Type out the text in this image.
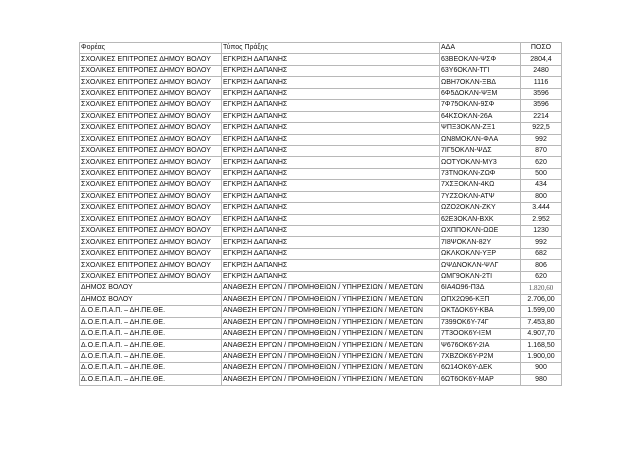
Φορέας	Τύπος Πράξης	ΑΔΑ	ΠΟΣΟ
ΣΧΟΛΙΚΕΣ ΕΠΙΤΡΟΠΕΣ ΔΗΜΟΥ ΒΟΛΟΥ	ΕΓΚΡΙΣΗ ΔΑΠΑΝΗΣ	63ΒΕΟΚΛΝ-ΨΣΦ	2804,4
ΣΧΟΛΙΚΕΣ ΕΠΙΤΡΟΠΕΣ ΔΗΜΟΥ ΒΟΛΟΥ	ΕΓΚΡΙΣΗ ΔΑΠΑΝΗΣ	63Υ6ΟΚΛΝ-ΤΓΙ	2480
ΣΧΟΛΙΚΕΣ ΕΠΙΤΡΟΠΕΣ ΔΗΜΟΥ ΒΟΛΟΥ	ΕΓΚΡΙΣΗ ΔΑΠΑΝΗΣ	ΩΒΗ7ΟΚΛΝ-ΞΒΔ	1116
ΣΧΟΛΙΚΕΣ ΕΠΙΤΡΟΠΕΣ ΔΗΜΟΥ ΒΟΛΟΥ	ΕΓΚΡΙΣΗ ΔΑΠΑΝΗΣ	6Φ5ΔΟΚΛΝ-ΨΞΜ	3596
ΣΧΟΛΙΚΕΣ ΕΠΙΤΡΟΠΕΣ ΔΗΜΟΥ ΒΟΛΟΥ	ΕΓΚΡΙΣΗ ΔΑΠΑΝΗΣ	7Φ75ΟΚΛΝ-9ΣΦ	3596
ΣΧΟΛΙΚΕΣ ΕΠΙΤΡΟΠΕΣ ΔΗΜΟΥ ΒΟΛΟΥ	ΕΓΚΡΙΣΗ ΔΑΠΑΝΗΣ	64ΚΣΟΚΛΝ-26Α	2214
ΣΧΟΛΙΚΕΣ ΕΠΙΤΡΟΠΕΣ ΔΗΜΟΥ ΒΟΛΟΥ	ΕΓΚΡΙΣΗ ΔΑΠΑΝΗΣ	ΨΠΞ3ΟΚΛΝ-ΖΞ1	922,5
ΣΧΟΛΙΚΕΣ ΕΠΙΤΡΟΠΕΣ ΔΗΜΟΥ ΒΟΛΟΥ	ΕΓΚΡΙΣΗ ΔΑΠΑΝΗΣ	ΩΝ8ΜΟΚΛΝ-ΦΛΑ	992
ΣΧΟΛΙΚΕΣ ΕΠΙΤΡΟΠΕΣ ΔΗΜΟΥ ΒΟΛΟΥ	ΕΓΚΡΙΣΗ ΔΑΠΑΝΗΣ	7ΙΓ5ΟΚΛΝ-ΨΔΣ	870
ΣΧΟΛΙΚΕΣ ΕΠΙΤΡΟΠΕΣ ΔΗΜΟΥ ΒΟΛΟΥ	ΕΓΚΡΙΣΗ ΔΑΠΑΝΗΣ	ΩΟΤΥΟΚΛΝ-ΜΥ3	620
ΣΧΟΛΙΚΕΣ ΕΠΙΤΡΟΠΕΣ ΔΗΜΟΥ ΒΟΛΟΥ	ΕΓΚΡΙΣΗ ΔΑΠΑΝΗΣ	73ΤΝΟΚΛΝ-ΖΩΦ	500
ΣΧΟΛΙΚΕΣ ΕΠΙΤΡΟΠΕΣ ΔΗΜΟΥ ΒΟΛΟΥ	ΕΓΚΡΙΣΗ ΔΑΠΑΝΗΣ	7ΧΣΞΟΚΛΝ-4ΚΩ	434
ΣΧΟΛΙΚΕΣ ΕΠΙΤΡΟΠΕΣ ΔΗΜΟΥ ΒΟΛΟΥ	ΕΓΚΡΙΣΗ ΔΑΠΑΝΗΣ	7ΥΖΣΟΚΛΝ-ΑΤΨ	800
ΣΧΟΛΙΚΕΣ ΕΠΙΤΡΟΠΕΣ ΔΗΜΟΥ ΒΟΛΟΥ	ΕΓΚΡΙΣΗ ΔΑΠΑΝΗΣ	ΩΖΟ2ΟΚΛΝ-ΖΚΥ	3.444
ΣΧΟΛΙΚΕΣ ΕΠΙΤΡΟΠΕΣ ΔΗΜΟΥ ΒΟΛΟΥ	ΕΓΚΡΙΣΗ ΔΑΠΑΝΗΣ	62Ε3ΟΚΛΝ-ΒΧΚ	2.952
ΣΧΟΛΙΚΕΣ ΕΠΙΤΡΟΠΕΣ ΔΗΜΟΥ ΒΟΛΟΥ	ΕΓΚΡΙΣΗ ΔΑΠΑΝΗΣ	ΩΧΠΠΟΚΛΝ-ΩΩΕ	1230
ΣΧΟΛΙΚΕΣ ΕΠΙΤΡΟΠΕΣ ΔΗΜΟΥ ΒΟΛΟΥ	ΕΓΚΡΙΣΗ ΔΑΠΑΝΗΣ	7Ι8ΨΟΚΛΝ-82Υ	992
ΣΧΟΛΙΚΕΣ ΕΠΙΤΡΟΠΕΣ ΔΗΜΟΥ ΒΟΛΟΥ	ΕΓΚΡΙΣΗ ΔΑΠΑΝΗΣ	ΩΚΛΚΟΚΛΝ-ΥΞΡ	682
ΣΧΟΛΙΚΕΣ ΕΠΙΤΡΟΠΕΣ ΔΗΜΟΥ ΒΟΛΟΥ	ΕΓΚΡΙΣΗ ΔΑΠΑΝΗΣ	ΩΨΔΝΟΚΛΝ-ΨΛΓ	806
ΣΧΟΛΙΚΕΣ ΕΠΙΤΡΟΠΕΣ ΔΗΜΟΥ ΒΟΛΟΥ	ΕΓΚΡΙΣΗ ΔΑΠΑΝΗΣ	ΩΜΓ9ΟΚΛΝ-2ΤΙ	620
ΔΗΜΟΣ ΒΟΛΟΥ	ΑΝΑΘΕΣΗ ΕΡΓΩΝ / ΠΡΟΜΗΘΕΙΩΝ / ΥΠΗΡΕΣΙΩΝ / ΜΕΛΕΤΩΝ	6ΙΑ4Ω96-Π3Δ	1.820,60
ΔΗΜΟΣ ΒΟΛΟΥ	ΑΝΑΘΕΣΗ ΕΡΓΩΝ / ΠΡΟΜΗΘΕΙΩΝ / ΥΠΗΡΕΣΙΩΝ / ΜΕΛΕΤΩΝ	ΩΠΧ2Ω96-ΚΞΠ	2.706,00
Δ.Ο.Ε.Π.Α.Π. – ΔΗ.ΠΕ.ΘΕ.	ΑΝΑΘΕΣΗ ΕΡΓΩΝ / ΠΡΟΜΗΘΕΙΩΝ / ΥΠΗΡΕΣΙΩΝ / ΜΕΛΕΤΩΝ	ΩΚΤΔΟΚ6Υ-ΚΒΑ	1.599,00
Δ.Ο.Ε.Π.Α.Π. – ΔΗ.ΠΕ.ΘΕ.	ΑΝΑΘΕΣΗ ΕΡΓΩΝ / ΠΡΟΜΗΘΕΙΩΝ / ΥΠΗΡΕΣΙΩΝ / ΜΕΛΕΤΩΝ	7399ΟΚ6Υ-74Γ	7.453,80
Δ.Ο.Ε.Π.Α.Π. – ΔΗ.ΠΕ.ΘΕ.	ΑΝΑΘΕΣΗ ΕΡΓΩΝ / ΠΡΟΜΗΘΕΙΩΝ / ΥΠΗΡΕΣΙΩΝ / ΜΕΛΕΤΩΝ	7Τ3ΟΟΚ6Υ-ΙΞΜ	4.907,70
Δ.Ο.Ε.Π.Α.Π. – ΔΗ.ΠΕ.ΘΕ.	ΑΝΑΘΕΣΗ ΕΡΓΩΝ / ΠΡΟΜΗΘΕΙΩΝ / ΥΠΗΡΕΣΙΩΝ / ΜΕΛΕΤΩΝ	Ψ676ΟΚ6Υ-2ΙΑ	1.168,50
Δ.Ο.Ε.Π.Α.Π. – ΔΗ.ΠΕ.ΘΕ.	ΑΝΑΘΕΣΗ ΕΡΓΩΝ / ΠΡΟΜΗΘΕΙΩΝ / ΥΠΗΡΕΣΙΩΝ / ΜΕΛΕΤΩΝ	7ΧΒΖΟΚ6Υ-Ρ2Μ	1.900,00
Δ.Ο.Ε.Π.Α.Π. – ΔΗ.ΠΕ.ΘΕ.	ΑΝΑΘΕΣΗ ΕΡΓΩΝ / ΠΡΟΜΗΘΕΙΩΝ / ΥΠΗΡΕΣΙΩΝ / ΜΕΛΕΤΩΝ	6Ω14ΟΚ6Υ-ΔΕΚ	900
Δ.Ο.Ε.Π.Α.Π. – ΔΗ.ΠΕ.ΘΕ.	ΑΝΑΘΕΣΗ ΕΡΓΩΝ / ΠΡΟΜΗΘΕΙΩΝ / ΥΠΗΡΕΣΙΩΝ / ΜΕΛΕΤΩΝ	6ΩΤ6ΟΚ6Υ-ΜΑΡ	980
